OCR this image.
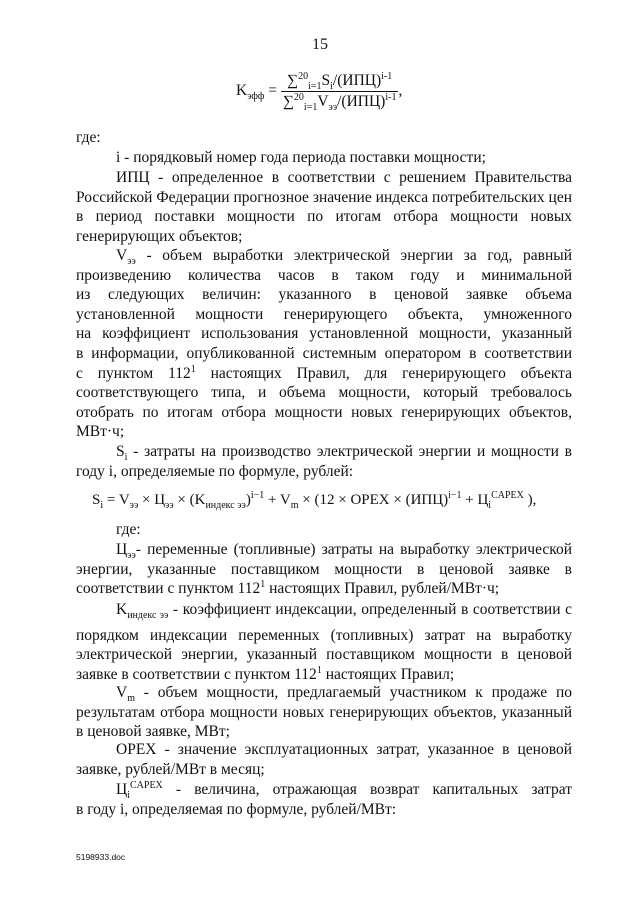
15
$K_{эфф} = \frac{\sum^{20}_{i=1}S_i/(ИПЦ)^{i-1}}{\sum^{20}_{i=1}V_{ээ}/(ИПЦ)^{i-1}}$ ,
где:
i - порядковый номер года периода поставки мощности;
ИПЦ - определенное в соответствии с решением Правительства Российской Федерации прогнозное значение индекса потребительских цен в период поставки мощности по итогам отбора мощности новых генерирующих объектов;
$V_{ээ}$ - объем выработки электрической энергии за год, равный
произведению количества часов в таком году и минимальной
из следующих величин: указанного в ценовой заявке объема
установленной мощности генерирующего объекта, умноженного
на коэффициент использования установленной мощности, указанный
в информации, опубликованной системным оператором в соответствии
с пунктом $112^1$ настоящих Правил, для генерирующего объекта
соответствующего типа, и объема мощности, который требовалось
отобрать по итогам отбора мощности новых генерирующих объектов,
МВт·ч;
$S_i$ - затраты на производство электрической энергии и мощности в году i, определяемые по формуле, рублей:
$S_i = V_{ээ} \times Ц_{ээ} \times (K_{индекс ээ})^{i-1} + V_m \times (12$ × OPEX × $(ИПЦ)^{i-1} + Ц_i^{CAPEX}$ ),
где:
$Ц_{ээ}-$ переменные (топливные) затраты на выработку электрической энергии, указанные поставщиком мощности в ценовой заявке в соответствии с пунктом $112^1$ настоящих Правил, рублей/МВт·ч;
$K_{индекс ээ}$ - коэффициент индексации, определенный в соответствии с
порядком индексации переменных (топливных) затрат на выработку
электрической энергии, указанный поставщиком мощности в ценовой
заявке в соответствии с пунктом $112^1$ настоящих Правил;
$V_m$ - объем мощности, предлагаемый участником к продаже по результатам отбора мощности новых генерирующих объектов, указанный в ценовой заявке, МВт;
OPEX - значение эксплуатационных затрат, указанное в ценовой заявке, рублей/МВт в месяц;
$Ц_i^{CAPEX}$ - величина, отражающая возврат капитальных затрат
в году i, определяемая по формуле, рублей/МВт:
5198933.doc
